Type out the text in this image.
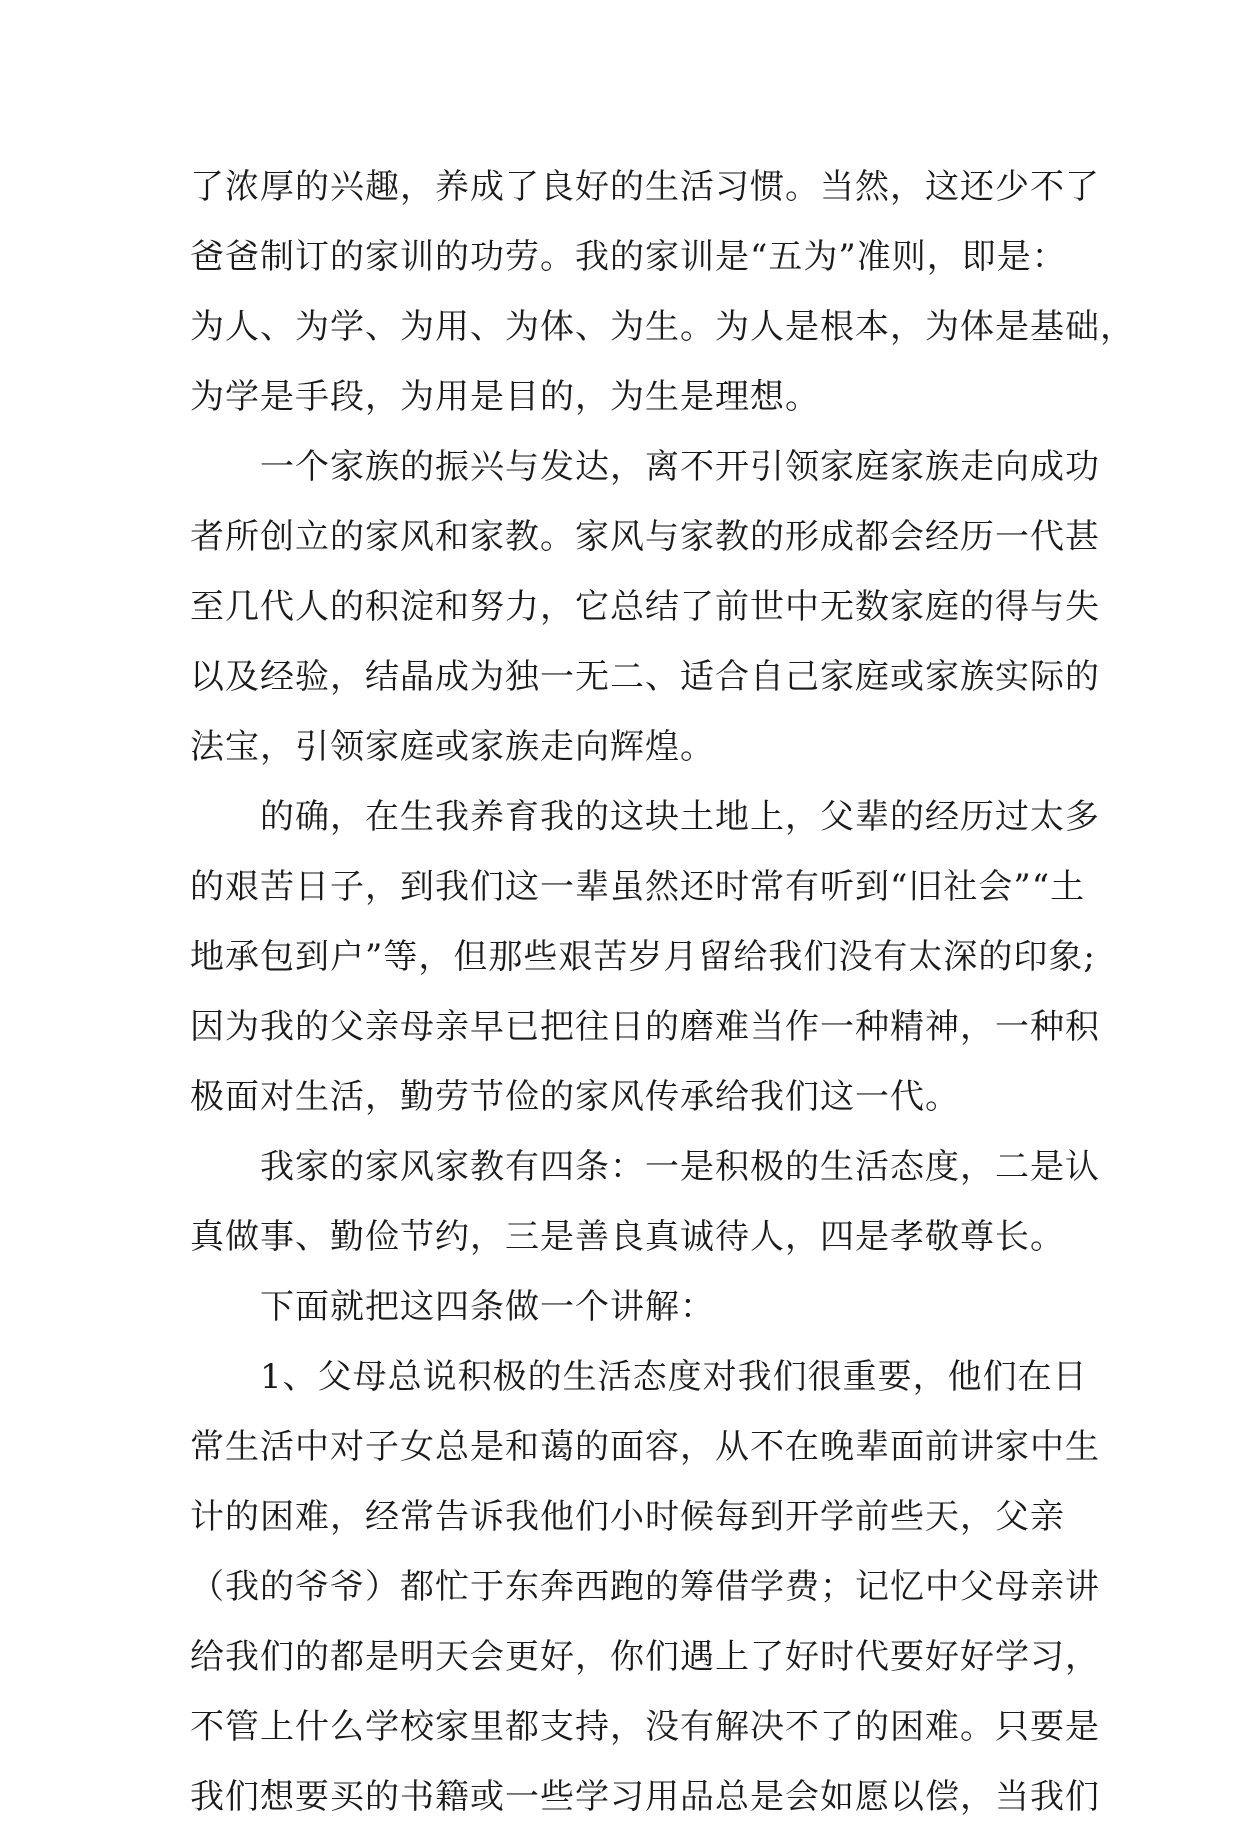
了浓厚的兴趣，养成了良好的生活习惯。当然，这还少不了
爸爸制订的家训的功劳。我的家训是“五为”准则，即是：
为人、为学、为用、为体、为生。为人是根本，为体是基础，
为学是手段，为用是目的，为生是理想。
　　一个家族的振兴与发达，离不开引领家庭家族走向成功
者所创立的家风和家教。家风与家教的形成都会经历一代甚
至几代人的积淀和努力，它总结了前世中无数家庭的得与失
以及经验，结晶成为独一无二、适合自己家庭或家族实际的
法宝，引领家庭或家族走向辉煌。
　　的确，在生我养育我的这块土地上，父辈的经历过太多
的艰苦日子，到我们这一辈虽然还时常有听到“旧社会”“土
地承包到户”等，但那些艰苦岁月留给我们没有太深的印象;
因为我的父亲母亲早已把往日的磨难当作一种精神，一种积
极面对生活，勤劳节俭的家风传承给我们这一代。
　　我家的家风家教有四条：一是积极的生活态度，二是认
真做事、勤俭节约，三是善良真诚待人，四是孝敬尊长。
　　下面就把这四条做一个讲解：
　　1、父母总说积极的生活态度对我们很重要，他们在日
常生活中对子女总是和蔼的面容，从不在晚辈面前讲家中生
计的困难，经常告诉我他们小时候每到开学前些天，父亲
（我的爷爷）都忙于东奔西跑的筹借学费；记忆中父母亲讲
给我们的都是明天会更好，你们遇上了好时代要好好学习，
不管上什么学校家里都支持，没有解决不了的困难。只要是
我们想要买的书籍或一些学习用品总是会如愿以偿，当我们
